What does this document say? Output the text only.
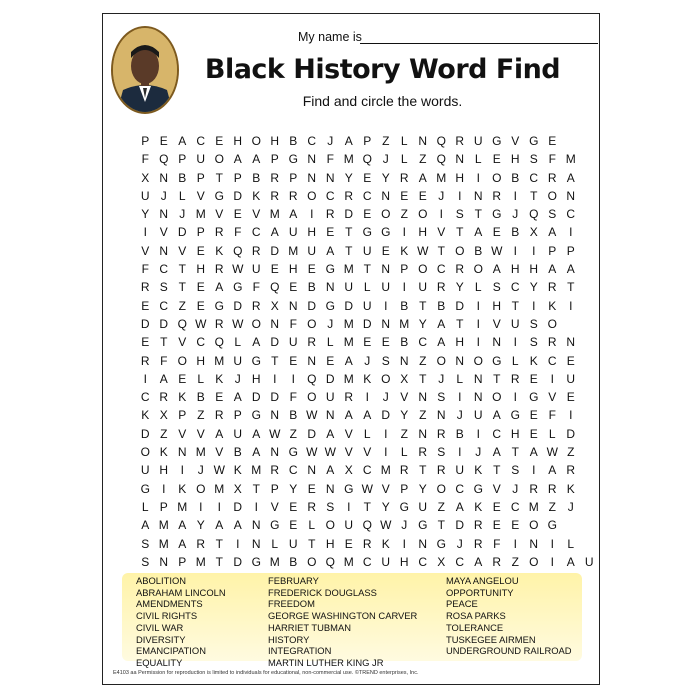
My name is
Black History Word Find
Find and circle the words.
P E A C E H O H B C J A P Z L N Q R U G V G E
F Q P U O A A P G N F M Q J	L Z Q N L E H S F M
X N B P T P B R P N N Y E Y R A M H	I	O B C R A
U J	L V G D K R R O C R C N E E J	I	N R	I	T O N
Y N J M V E V M A	I	R D E O Z O	I	S T G J Q S C
I	V D P R F C A U H E T G G	I	H V T A E B X A	I
V N V E K Q R D M U A T U E K W T O B W I	I	P P
F C T H R W U E H E G M T N P O C R O A H H A A
R S T E A G F Q E B N U L U	I	U R Y L S C Y R T
E C Z E G D R X N D G D U	I	B T B D	I	H T	I	K	I
D D Q W R W O N F O J M D N M Y A T	I	V U S O
E T V C Q L A D U R L M E E B C A H	I	N	I	S R N
R F O H M U G T E N E A J S N Z O N O G L K C E
I	A E L K J H	I	I	Q D M K O X T J	L N T R E	I	U
C R K B E A D D F O U R	I	J V N S	I	N O	I	G V E
K X P Z R P G N B W N A A D Y Z N J U A G E F	I
D Z V V A U A W Z D A V L	I	Z N R B	I	C H E L D
O K N M V B A N G W W V V	I	L R S	I	J A T A W Z
U H	I	J W K M R C N A X C M R T R U K T S	I	A R
G	I	K O M X T P Y E N G W V P Y O C G V J R R K
L P M I	I	D	I	V E R S	I	T Y G U Z A K E C M Z J
A M A Y A A N G E L O U Q W J G T D R E E O G
S M A R T	I	N L U T H E R K	I	N G J R F	I	N	I	L
S N P M T D G M B O Q M C U H C X C A R Z O	I	A U
ABOLITION
ABRAHAM LINCOLN
AMENDMENTS
CIVIL RIGHTS
CIVIL WAR
DIVERSITY
EMANCIPATION
EQUALITY
FEBRUARY
FREDERICK DOUGLASS
FREEDOM
GEORGE WASHINGTON CARVER
HARRIET TUBMAN
HISTORY
INTEGRATION
MARTIN LUTHER KING JR
MAYA ANGELOU
OPPORTUNITY
PEACE
ROSA PARKS
TOLERANCE
TUSKEGEE AIRMEN
UNDERGROUND RAILROAD
E4103 aa Permission for reproduction is limited to individuals for educational, non-commercial use. ©TREND enterprises, Inc.
